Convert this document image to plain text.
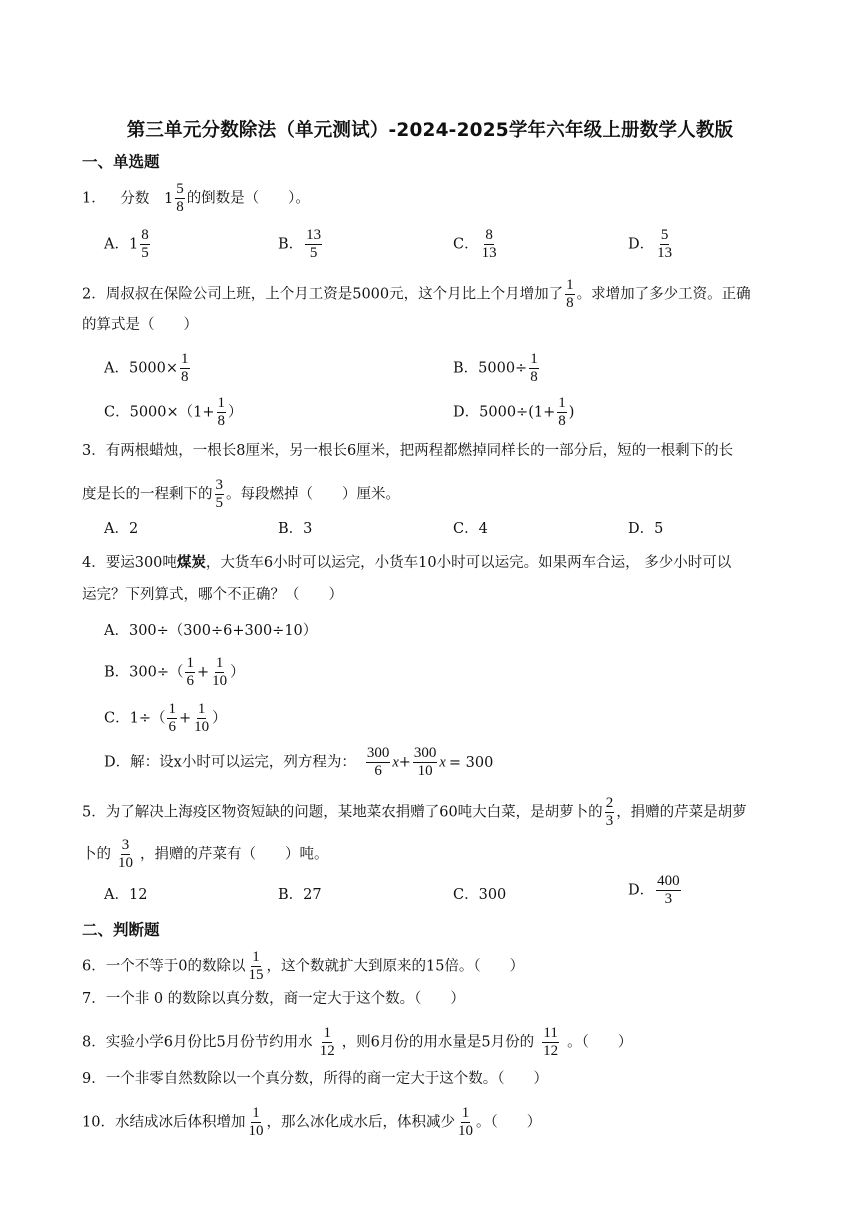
第三单元分数除法（单元测试）-2024-2025学年六年级上册数学人教版
一、单选题
1． 分数 $1 \frac{5}{8}$ 的倒数是（　　）。
A．$1 \frac{8}{5}$	B． $\frac{13}{5}$	C． $\frac{8}{13}$	D． $\frac{5}{13}$
2．周叔叔在保险公司上班，上个月工资是5000元，这个月比上个月增加了 $\frac{1}{8}$ 。求增加了多少工资。正确
的算式是（　　）
A．$5000\times \frac{1}{8}$	B．$5000\div \frac{1}{8}$
C．$5000\times(1+ \frac{1}{8}$ ）	D．$5000\div(1+ \frac{1}{8}$ )
3．有两根蜡烛，一根长8厘米，另一根长6厘米，把两程都燃掉同样长的一部分后，短的一根剩下的长
度是长的一程剩下的 $\frac{3}{5}$ 。每段燃掉（　　）厘米。
A．2	B．3	C．4	D．5
4．要运300吨煤炭，大货车6小时可以运完，小货车10小时可以运完。如果两车合运， 多少小时可以
运完？下列算式，哪个不正确？（　　）
A．300÷（300÷6+300÷10）
B．$300\div( \frac{1}{6} + \frac{1}{10}$ ）
C．$1\div( \frac{1}{6} + \frac{1}{10}$ ）
D．解：设x小时可以运完，列方程为： $\frac{300}{6} x+ \frac{300}{10}$ x = 300
5．为了解决上海疫区物资短缺的问题，某地菜农捐赠了60吨大白菜，是胡萝卜的 $\frac{2}{3}$ ，捐赠的芹菜是胡萝
卜的 $\frac{3}{10}$ ，捐赠的芹菜有（　　）吨。
A．12	B．27	C．300	D． $\frac{400}{3}$
二、判断题
6．一个不等于0的数除以 $\frac{1}{15}$ ，这个数就扩大到原来的15倍。（　　）
7．一个非 0 的数除以真分数，商一定大于这个数。（　　）
8．实验小学6月份比5月份节约用水 $\frac{1}{12}$ ，则6月份的用水量是5月份的 $\frac{11}{12}$ 。（　　）
9．一个非零自然数除以一个真分数，所得的商一定大于这个数。（　　）
10．水结成冰后体积增加 $\frac{1}{10}$ ，那么冰化成水后，体积减少 $\frac{1}{10}$ 。（　　）
